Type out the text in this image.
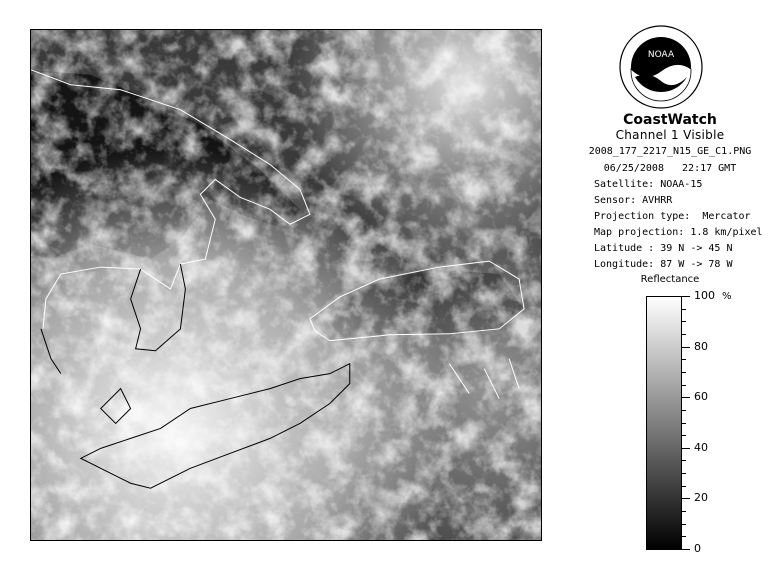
NOAA
CoastWatch
Channel 1 Visible
2008_177_2217_N15_GE_C1.PNG
06/25/2008   22:17 GMT
Satellite: NOAA-15
Sensor: AVHRR
Projection type:  Mercator
Map projection: 1.8 km/pixel
Latitude : 39 N -> 45 N
Longitude: 87 W -> 78 W
Reflectance
%
100
80
60
40
20
0
